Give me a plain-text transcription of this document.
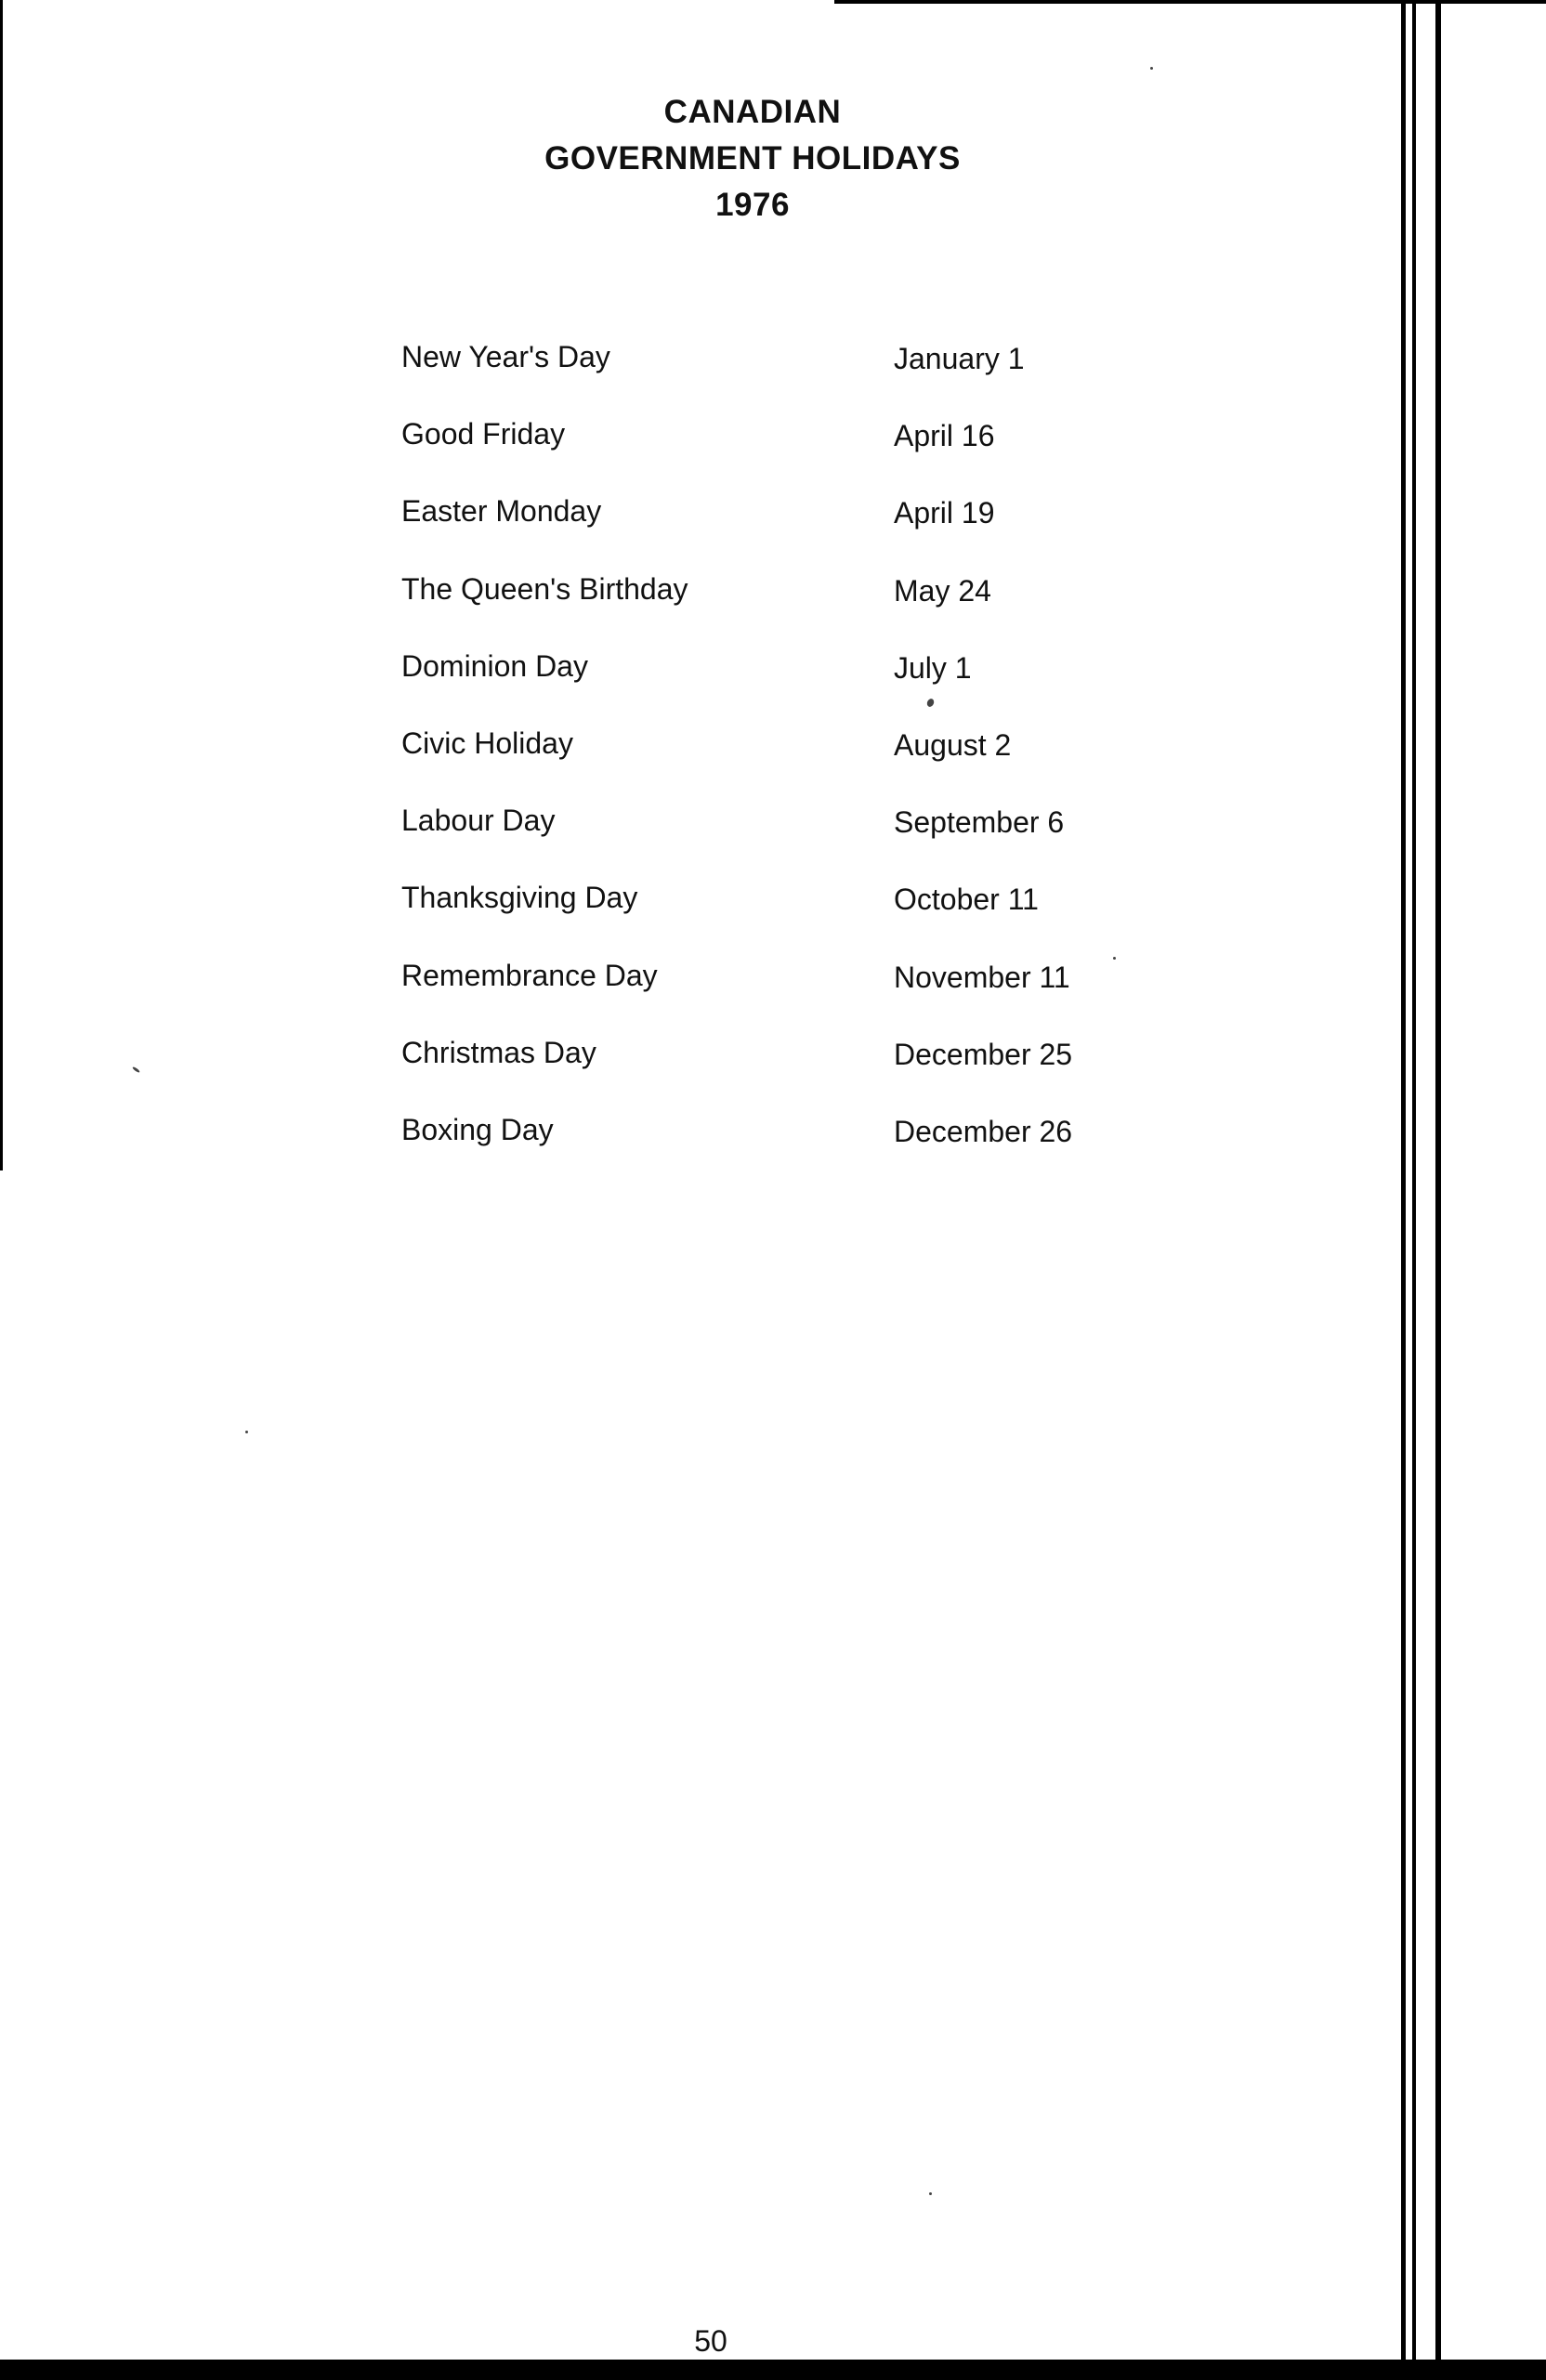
CANADIAN
GOVERNMENT HOLIDAYS
1976
New Year's Day	January 1
Good Friday	April 16
Easter Monday	April 19
The Queen's Birthday	May 24
Dominion Day	July 1
Civic Holiday	August 2
Labour Day	September 6
Thanksgiving Day	October 11
Remembrance Day	November 11
Christmas Day	December 25
Boxing Day	December 26
50
